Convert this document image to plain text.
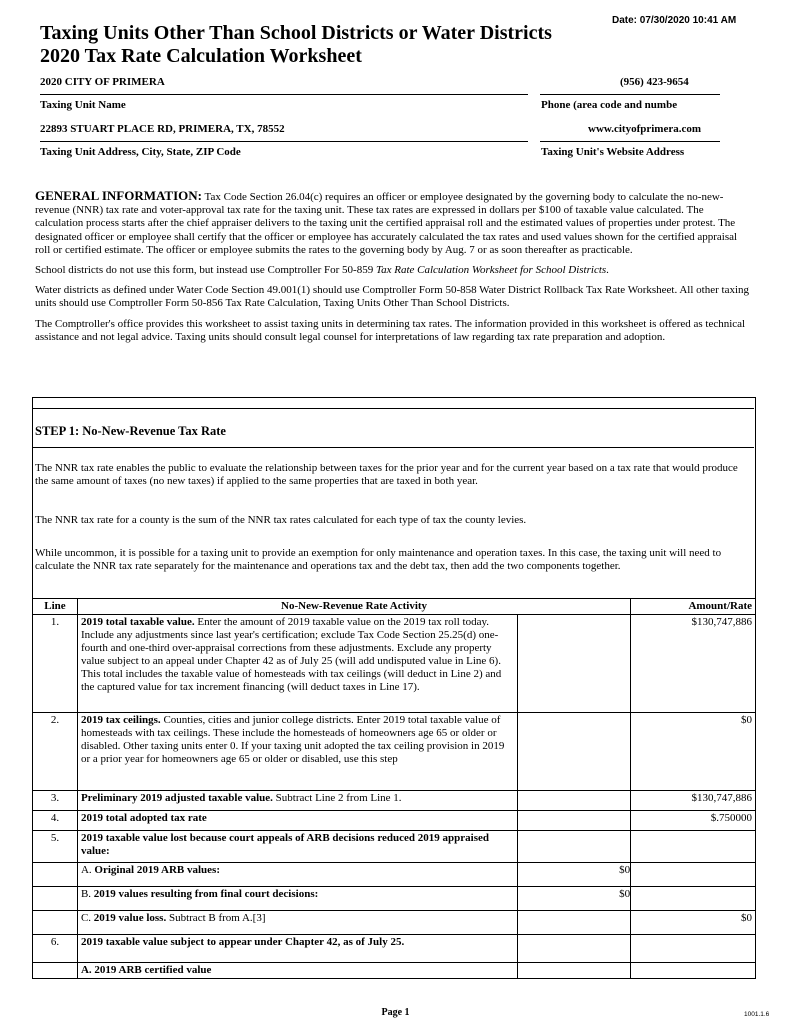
Date: 07/30/2020 10:41 AM
Taxing Units Other Than School Districts or Water Districts
2020 Tax Rate Calculation Worksheet
2020 CITY OF PRIMERA	(956) 423-9654
Taxing Unit Name	Phone (area code and numbe
22893 STUART PLACE RD, PRIMERA, TX, 78552	www.cityofprimera.com
Taxing Unit Address, City, State, ZIP Code	Taxing Unit's Website Address

GENERAL INFORMATION: Tax Code Section 26.04(c) requires an officer or employee designated by the governing body to calculate the no-new-revenue (NNR) tax rate and voter-approval tax rate for the taxing unit. These tax rates are expressed in dollars per $100 of taxable value calculated. The calculation process starts after the chief appraiser delivers to the taxing unit the certified appraisal roll and the estimated values of properties under protest. The designated officer or employee shall certify that the officer or employee has accurately calculated the tax rates and used values shown for the certified appraisal roll or certified estimate. The officer or employee submits the rates to the governing body by Aug. 7 or as soon thereafter as practicable.

School districts do not use this form, but instead use Comptroller For 50-859 Tax Rate Calculation Worksheet for School Districts.

Water districts as defined under Water Code Section 49.001(1) should use Comptroller Form 50-858 Water District Rollback Tax Rate Worksheet. All other taxing units should use Comptroller Form 50-856 Tax Rate Calculation, Taxing Units Other Than School Districts.

The Comptroller's office provides this worksheet to assist taxing units in determining tax rates. The information provided in this worksheet is offered as technical assistance and not legal advice. Taxing units should consult legal counsel for interpretations of law regarding tax rate preparation and adoption.

STEP 1: No-New-Revenue Tax Rate
The NNR tax rate enables the public to evaluate the relationship between taxes for the prior year and for the current year based on a tax rate that would produce the same amount of taxes (no new taxes) if applied to the same properties that are taxed in both year.
The NNR tax rate for a county is the sum of the NNR tax rates calculated for each type of tax the county levies.
While uncommon, it is possible for a taxing unit to provide an exemption for only maintenance and operation taxes. In this case, the taxing unit will need to calculate the NNR tax rate separately for the maintenance and operations tax and the debt tax, then add the two components together.
Line	No-New-Revenue Rate Activity		Amount/Rate
1.	2019 total taxable value. Enter the amount of 2019 taxable value on the 2019 tax roll today. Include any adjustments since last year's certification; exclude Tax Code Section 25.25(d) one-fourth and one-third over-appraisal corrections from these adjustments. Exclude any property value subject to an appeal under Chapter 42 as of July 25 (will add undisputed value in Line 6). This total includes the taxable value of homesteads with tax ceilings (will deduct in Line 2) and the captured value for tax increment financing (will deduct taxes in Line 17).		$130,747,886
2.	2019 tax ceilings. Counties, cities and junior college districts. Enter 2019 total taxable value of homesteads with tax ceilings. These include the homesteads of homeowners age 65 or older or disabled. Other taxing units enter 0. If your taxing unit adopted the tax ceiling provision in 2019 or a prior year for homeowners age 65 or older or disabled, use this step		$0
3.	Preliminary 2019 adjusted taxable value. Subtract Line 2 from Line 1.		$130,747,886
4.	2019 total adopted tax rate		$.750000
5.	2019 taxable value lost because court appeals of ARB decisions reduced 2019 appraised value:		
	A. Original 2019 ARB values:	$0	
	B. 2019 values resulting from final court decisions:	$0	
	C. 2019 value loss. Subtract B from A.[3]		$0
6.	2019 taxable value subject to appear under Chapter 42, as of July 25.		
	A. 2019 ARB certified value		
Page 1	1001.1.6
